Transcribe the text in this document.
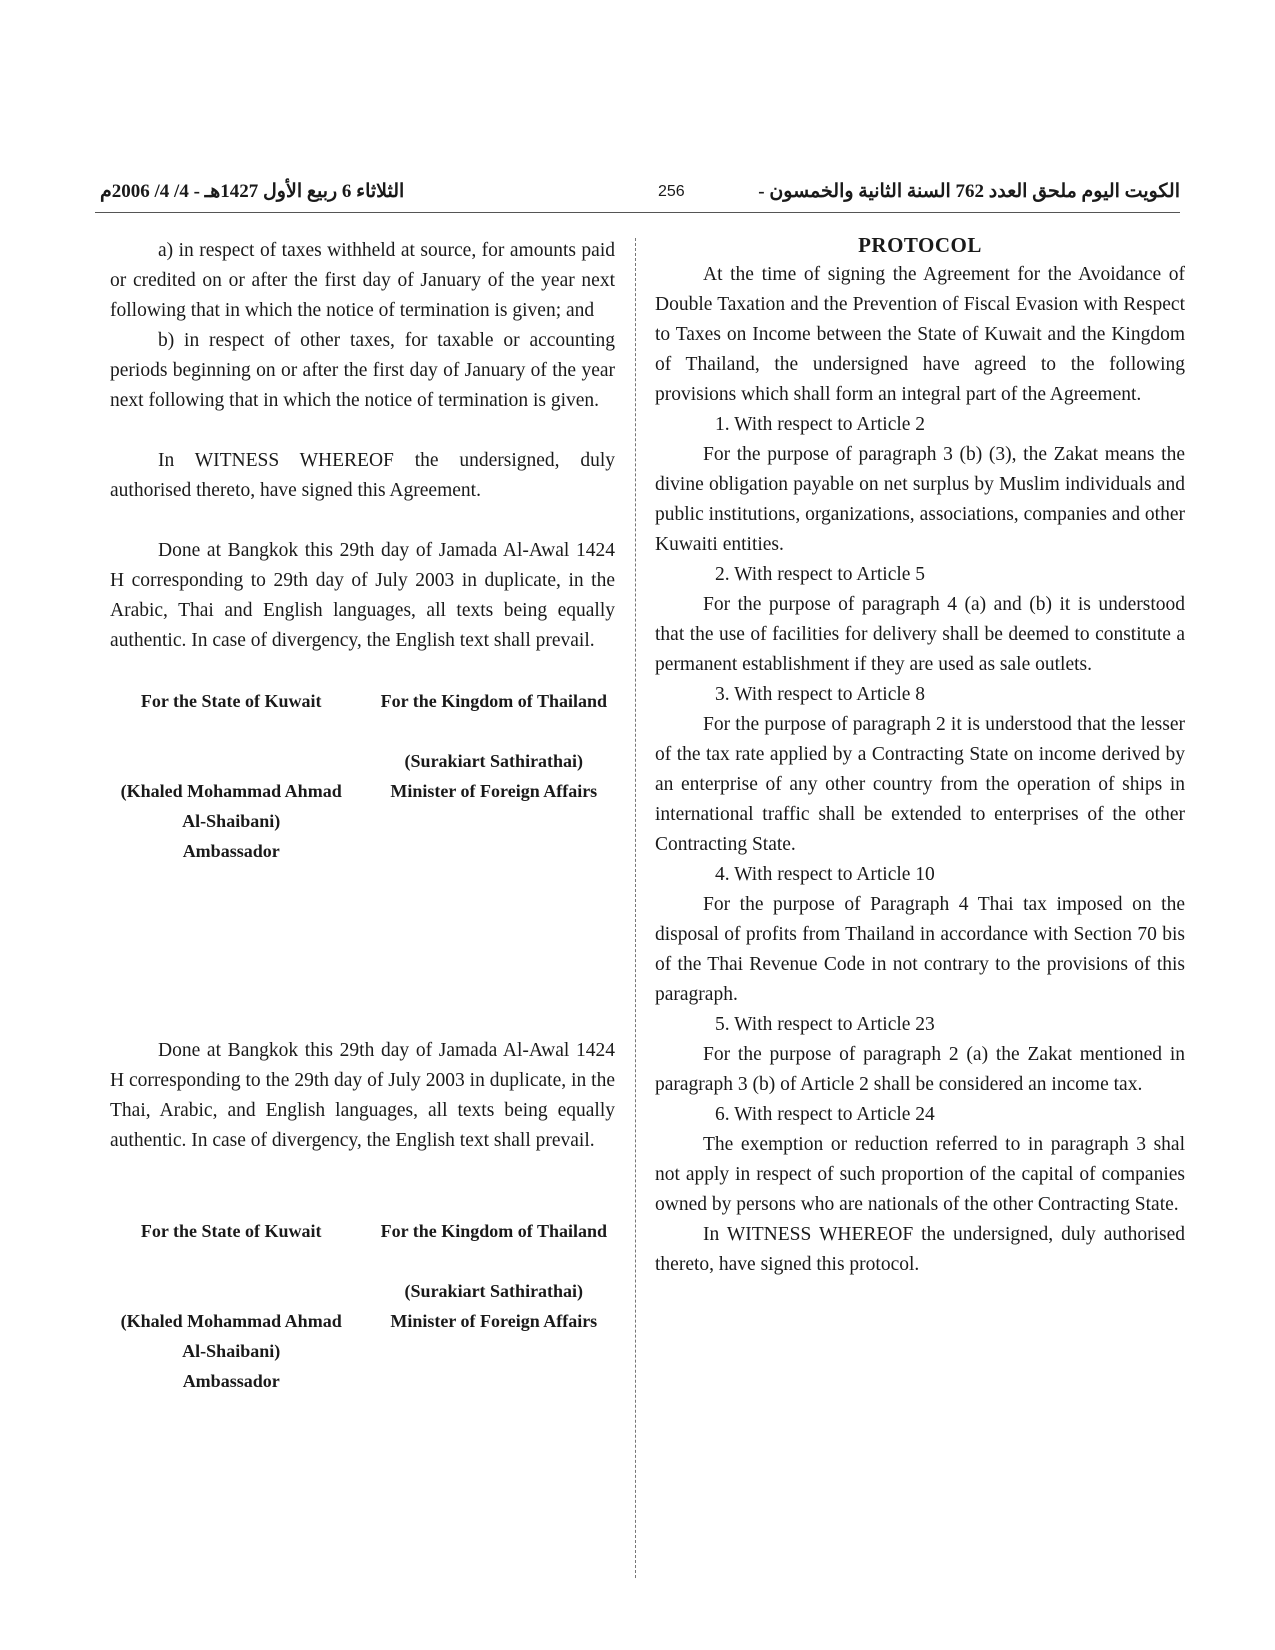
الثلاثاء 6 ربيع الأول 1427هـ - 4/ 4/ 2006م	256	الكويت اليوم ملحق العدد 762 السنة الثانية والخمسون -

a) in respect of taxes withheld at source, for amounts paid or credited on or after the first day of January of the year next following that in which the notice of termination is given; and

b) in respect of other taxes, for taxable or accounting periods beginning on or after the first day of January of the year next following that in which the notice of termination is given.

In WITNESS WHEREOF the undersigned, duly authorised thereto, have signed this Agreement.

Done at Bangkok this 29th day of Jamada Al-Awal 1424 H corresponding to 29th day of July 2003 in duplicate, in the Arabic, Thai and English languages, all texts being equally authentic. In case of divergency, the English text shall prevail.

For the State of Kuwait
(Khaled Mohammad Ahmad Al-Shaibani)
Ambassador
For the Kingdom of Thailand
(Surakiart Sathirathai)
Minister of Foreign Affairs

Done at Bangkok this 29th day of Jamada Al-Awal 1424 H corresponding to the 29th day of July 2003 in duplicate, in the Thai, Arabic, and English languages, all texts being equally authentic. In case of divergency, the English text shall prevail.

For the State of Kuwait
(Khaled Mohammad Ahmad Al-Shaibani)
Ambassador
For the Kingdom of Thailand
(Surakiart Sathirathai)
Minister of Foreign Affairs

PROTOCOL

At the time of signing the Agreement for the Avoidance of Double Taxation and the Prevention of Fiscal Evasion with Respect to Taxes on Income between the State of Kuwait and the Kingdom of Thailand, the undersigned have agreed to the following provisions which shall form an integral part of the Agreement.

1. With respect to Article 2

For the purpose of paragraph 3 (b) (3), the Zakat means the divine obligation payable on net surplus by Muslim individuals and public institutions, organizations, associations, companies and other Kuwaiti entities.

2. With respect to Article 5

For the purpose of paragraph 4 (a) and (b) it is understood that the use of facilities for delivery shall be deemed to constitute a permanent establishment if they are used as sale outlets.

3. With respect to Article 8

For the purpose of paragraph 2 it is understood that the lesser of the tax rate applied by a Contracting State on income derived by an enterprise of any other country from the operation of ships in international traffic shall be extended to enterprises of the other Contracting State.

4. With respect to Article 10

For the purpose of Paragraph 4 Thai tax imposed on the disposal of profits from Thailand in accordance with Section 70 bis of the Thai Revenue Code in not contrary to the provisions of this paragraph.

5. With respect to Article 23

For the purpose of paragraph 2 (a) the Zakat mentioned in paragraph 3 (b) of Article 2 shall be considered an income tax.

6. With respect to Article 24

The exemption or reduction referred to in paragraph 3 shal not apply in respect of such proportion of the capital of companies owned by persons who are nationals of the other Contracting State.

In WITNESS WHEREOF the undersigned, duly authorised thereto, have signed this protocol.
